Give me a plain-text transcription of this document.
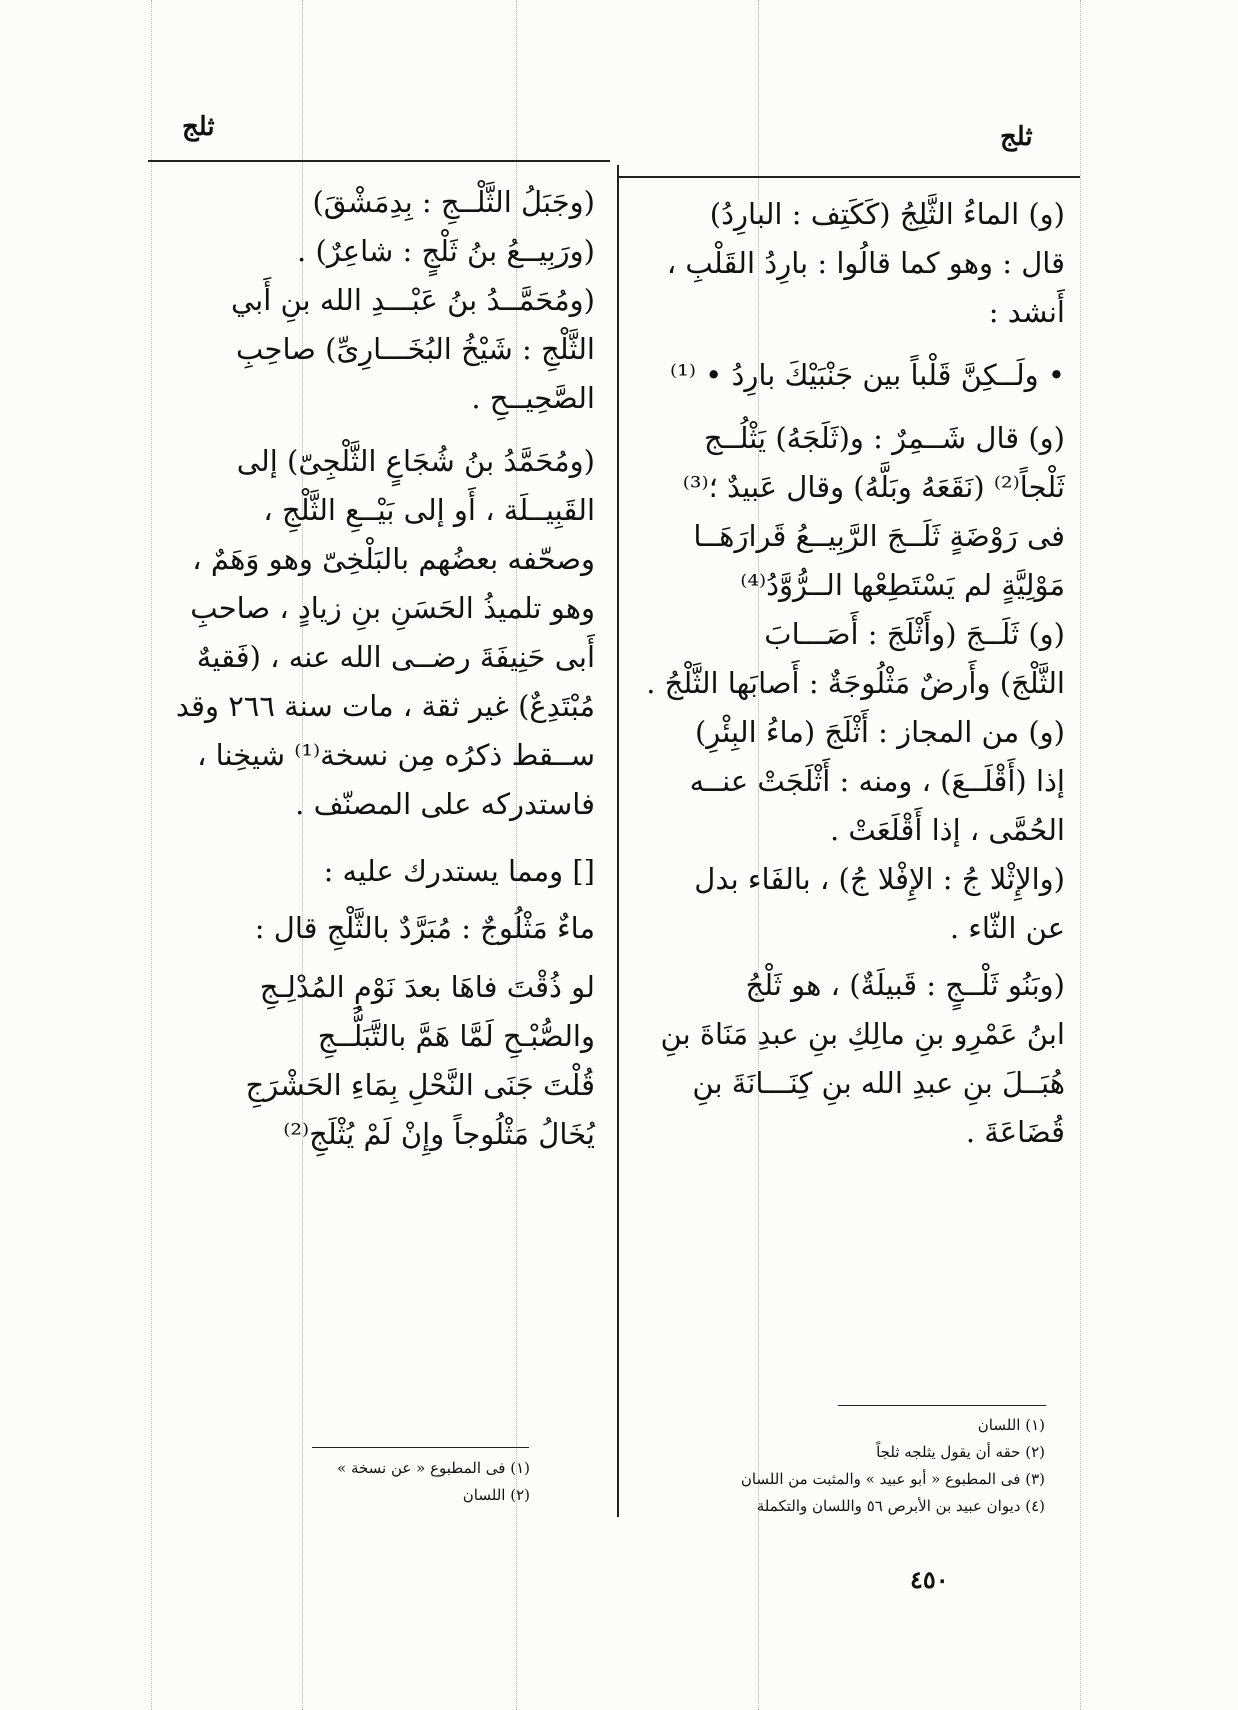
ثلج	ثلج

(و) الماءُ الثَّلِجُ (كَكَتِف : البارِدُ)

قال : وهو كما قالُوا : بارِدُ القَلْبِ ،

أَنشد :

• ولَــكِنَّ قَلْباً بين جَنْبَيْكَ بارِدُ • ⁽¹⁾

(و) قال شَــمِرٌ : و(ثَلَجَهُ) يَثْلُــج

ثَلْجاً⁽²⁾ (نَقَعَهُ وبَلَّهُ) وقال عَبيدٌ ؛⁽³⁾

فى رَوْضَةٍ ثَلَــجَ الرَّبِيــعُ قَرارَهَــا

مَوْلِيَّةٍ لم يَسْتَطِعْها الــرُّوَّدُ⁽⁴⁾

(و) ثَلَــجَ (وأَثْلَجَ : أَصَـــابَ

الثَّلْجَ) وأَرضٌ مَثْلُوجَةٌ : أَصابَها الثَّلْجُ .

(و) من المجاز : أَثْلَجَ (ماءُ البِئْرِ)

إذا (أَقْلَــعَ) ، ومنه : أَثْلَجَتْ عنــه

الحُمَّى ، إذا أَقْلَعَتْ .

(والإِثْلا جُ : الإِفْلا جُ) ، بالفَاء بدل

عن الثّاء .

(وبَنُو ثَلْــجٍ : قَبيلَةٌ) ، هو ثَلْجُ

ابنُ عَمْرِو بنِ مالِكِ بنِ عبدِ مَنَاةَ بنِ

هُبَــلَ بنِ عبدِ الله بنِ كِنَـــانَةَ بنِ

قُضَاعَةَ .

(وجَبَلُ الثَّلْــجِ : بِدِمَشْقَ)

(ورَبِيــعُ بنُ ثَلْجٍ : شاعِرٌ) .

(ومُحَمَّــدُ بنُ عَبْـــدِ الله بنِ أَبي

الثَّلْجِ : شَيْخُ البُخَـــارِىِّ) صاحِبِ

الصَّحِيــحِ .

(ومُحَمَّدُ بنُ شُجَاعٍ الثَّلْجِىّ) إلى

القَبِيــلَة ، أَو إلى بَيْــعِ الثَّلْجِ ،

وصحّفه بعضُهم بالبَلْخِىّ وهو وَهَمٌ ،

وهو تلميذُ الحَسَنِ بنِ زيادٍ ، صاحبِ

أَبى حَنِيفَةَ رضــى الله عنه ، (فَقيهٌ

مُبْتَدِعٌ) غير ثقة ، مات سنة ٢٦٦ وقد

ســقط ذكرُه مِن نسخة⁽¹⁾ شيخِنا ،

فاستدركه على المصنّف .

[] ومما يستدرك عليه :

ماءٌ مَثْلُوجٌ : مُبَرَّدٌ بالثَّلْجِ قال :

لو ذُقْتَ فاهَا بعدَ نَوْمِ المُدْلِـجِ

والصُّبْـحِ لَمَّا هَمَّ بالتَّبَلُّــجِ

قُلْتَ جَنَى النَّحْلِ بِمَاءِ الحَشْرَجِ

يُخَالُ مَثْلُوجاً وإِنْ لَمْ يُثْلَجِ⁽²⁾

(١) اللسان
(٢) حقه أن يقول يثلجه ثلجاً
(٣) فى المطبوع « أبو عبيد » والمثبت من اللسان
(٤) ديوان عبيد بن الأبرص ٥٦ واللسان والتكملة
(١) فى المطبوع « عن نسخة »
(٢) اللسان
٤٥٠
